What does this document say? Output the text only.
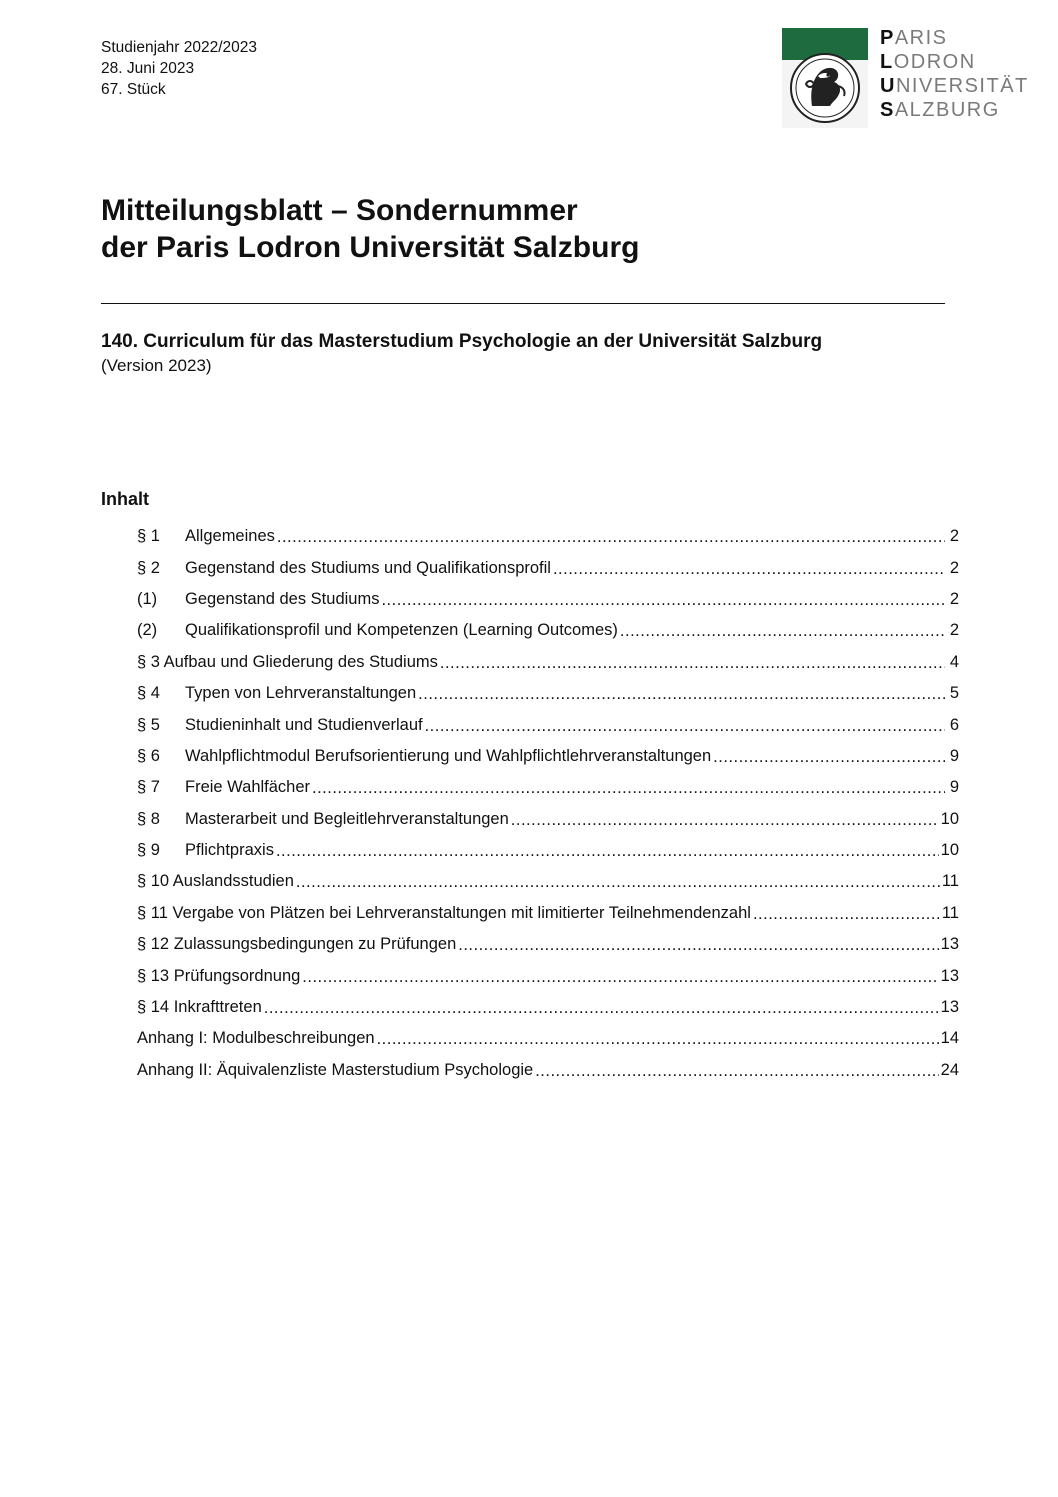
Studienjahr 2022/2023
28. Juni 2023
67. Stück
PARIS
LODRON
UNIVERSITÄT
SALZBURG
Mitteilungsblatt – Sondernummer
der Paris Lodron Universität Salzburg
140. Curriculum für das Masterstudium Psychologie an der Universität Salzburg
(Version 2023)
Inhalt
§ 1	Allgemeines .....	2
§ 2	Gegenstand des Studiums und Qualifikationsprofil .....	2
(1)	Gegenstand des Studiums .....	2
(2)	Qualifikationsprofil und Kompetenzen (Learning Outcomes) .....	2
§ 3 Aufbau und Gliederung des Studiums .....	4
§ 4	Typen von Lehrveranstaltungen .....	5
§ 5	Studieninhalt und Studienverlauf .....	6
§ 6	Wahlpflichtmodul Berufsorientierung und Wahlpflichtlehrveranstaltungen .....	9
§ 7	Freie Wahlfächer .....	9
§ 8	Masterarbeit und Begleitlehrveranstaltungen .....	10
§ 9	Pflichtpraxis .....	10
§ 10 Auslandsstudien .....	11
§ 11 Vergabe von Plätzen bei Lehrveranstaltungen mit limitierter Teilnehmendenzahl .....	11
§ 12 Zulassungsbedingungen zu Prüfungen .....	13
§ 13 Prüfungsordnung .....	13
§ 14 Inkrafttreten .....	13
Anhang I: Modulbeschreibungen .....	14
Anhang II: Äquivalenzliste Masterstudium Psychologie .....	24
